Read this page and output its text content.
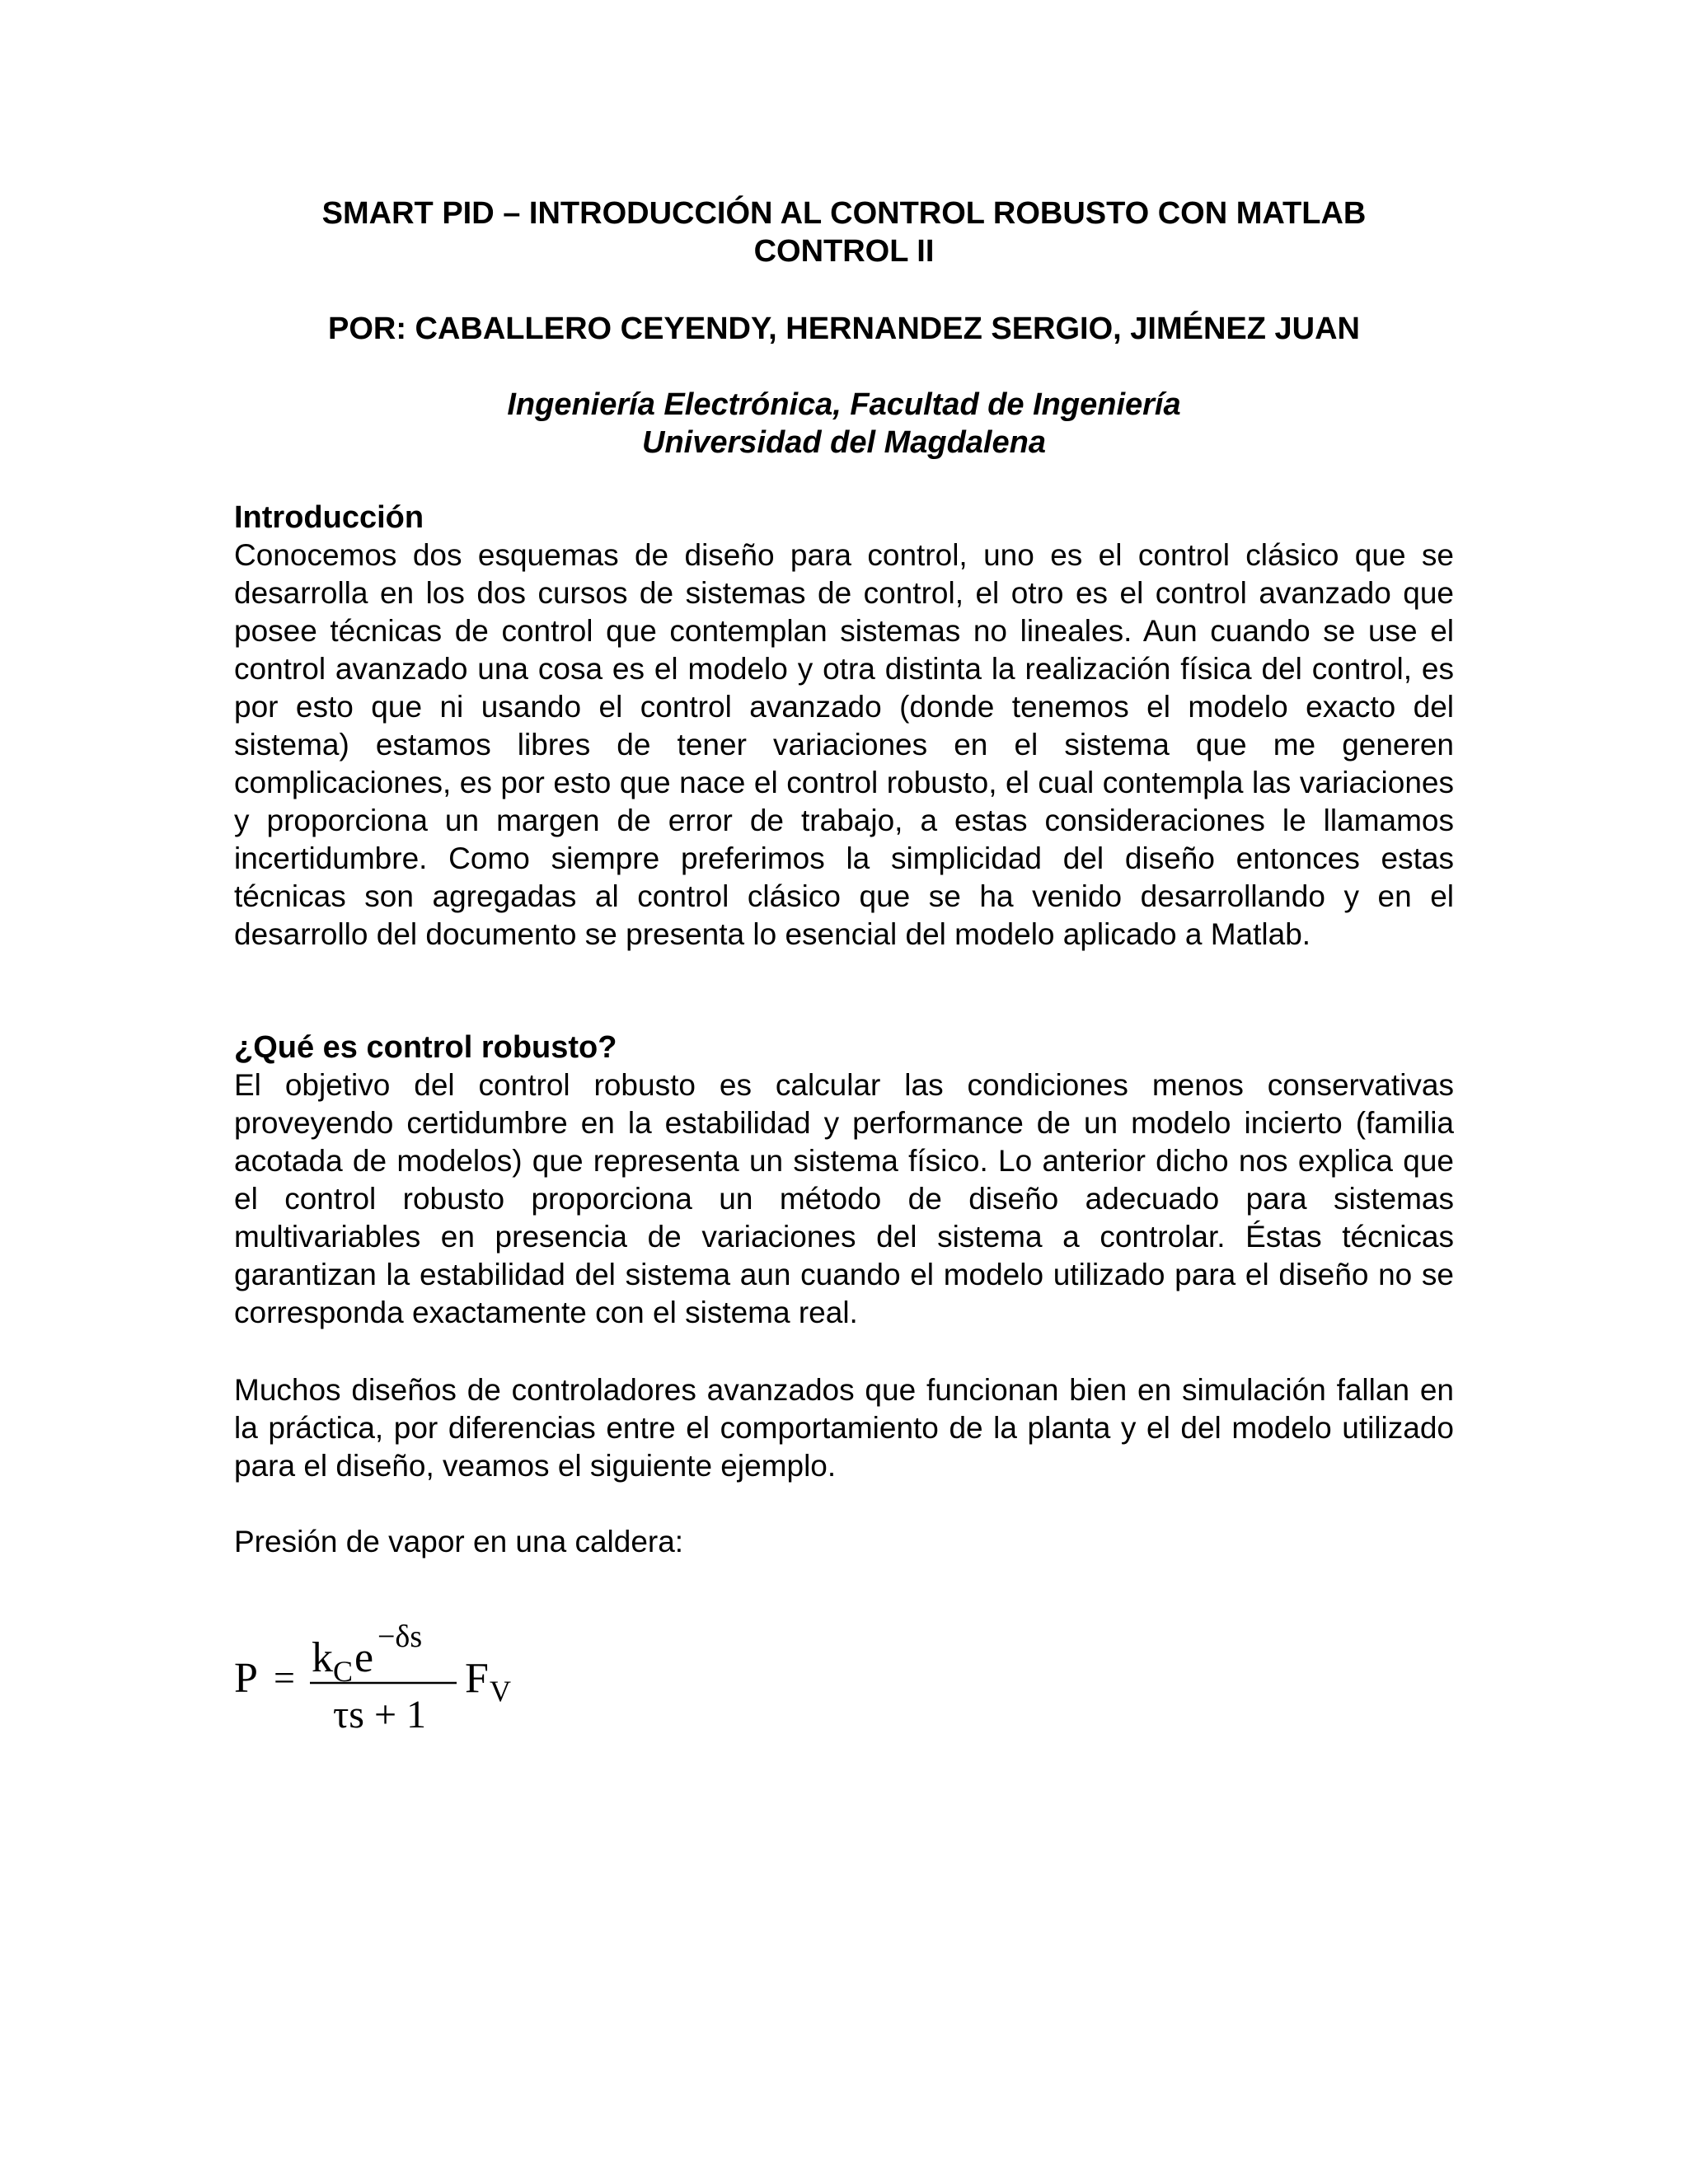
SMART PID – INTRODUCCIÓN AL CONTROL ROBUSTO CON MATLAB
CONTROL II
POR: CABALLERO CEYENDY, HERNANDEZ SERGIO, JIMÉNEZ JUAN
Ingeniería Electrónica, Facultad de Ingeniería
Universidad del Magdalena
Introducción

Conocemos dos esquemas de diseño para control, uno es el control clásico que se desarrolla en los dos cursos de sistemas de control, el otro es el control avanzado que posee técnicas de control que contemplan sistemas no lineales. Aun cuando se use el control avanzado una cosa es el modelo y otra distinta la realización física del control, es por esto que ni usando el control avanzado (donde tenemos el modelo exacto del sistema) estamos libres de tener variaciones en el sistema que me generen complicaciones, es por esto que nace el control robusto, el cual contempla las variaciones y proporciona un margen de error de trabajo, a estas consideraciones le llamamos incertidumbre. Como siempre preferimos la simplicidad del diseño entonces estas técnicas son agregadas al control clásico que se ha venido desarrollando y en el desarrollo del documento se presenta lo esencial del modelo aplicado a Matlab.

¿Qué es control robusto?

El objetivo del control robusto es calcular las condiciones menos conservativas proveyendo certidumbre en la estabilidad y performance de un modelo incierto (familia acotada de modelos) que representa un sistema físico. Lo anterior dicho nos explica que el control robusto proporciona un método de diseño adecuado para sistemas multivariables en presencia de variaciones del sistema a controlar. Éstas técnicas garantizan la estabilidad del sistema aun cuando el modelo utilizado para el diseño no se corresponda exactamente con el sistema real.

Muchos diseños de controladores avanzados que funcionan bien en simulación fallan en la práctica, por diferencias entre el comportamiento de la planta y el del modelo utilizado para el diseño, veamos el siguiente ejemplo.

Presión de vapor en una caldera:

P = k C e −δs
τs + 1
F V
